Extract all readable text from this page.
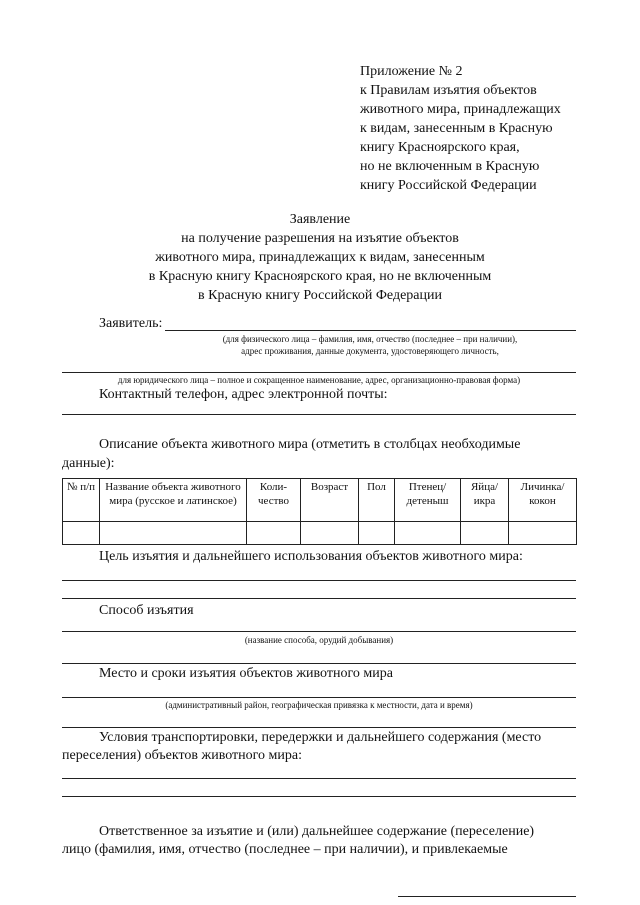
Приложение № 2
к Правилам изъятия объектов
животного мира, принадлежащих
к видам, занесенным в Красную
книгу Красноярского края,
но не включенным в Красную
книгу Российской Федерации
Заявление
на получение разрешения на изъятие объектов
животного мира, принадлежащих к видам, занесенным
в Красную книгу Красноярского края, но не включенным
в Красную книгу Российской Федерации
Заявитель:
(для физического лица – фамилия, имя, отчество (последнее – при наличии),
адрес проживания, данные документа, удостоверяющего личность,
для юридического лица – полное и сокращенное наименование, адрес, организационно-правовая форма)
Контактный телефон, адрес электронной почты:
Описание объекта животного мира (отметить в столбцах необходимые
данные):
№ п/п	Название объекта животного мира (русское и латинское)	Коли-чество	Возраст	Пол	Птенец/ детеныш	Яйца/ икра	Личинка/ кокон

Цель изъятия и дальнейшего использования объектов животного мира:
Способ изъятия
(название способа, орудий добывания)
Место и сроки изъятия объектов животного мира
(административный район, географическая привязка к местности, дата и время)
Условия транспортировки, передержки и дальнейшего содержания (место
переселения) объектов животного мира:
Ответственное за изъятие и (или) дальнейшее содержание (переселение)
лицо (фамилия, имя, отчество (последнее – при наличии), и привлекаемые
